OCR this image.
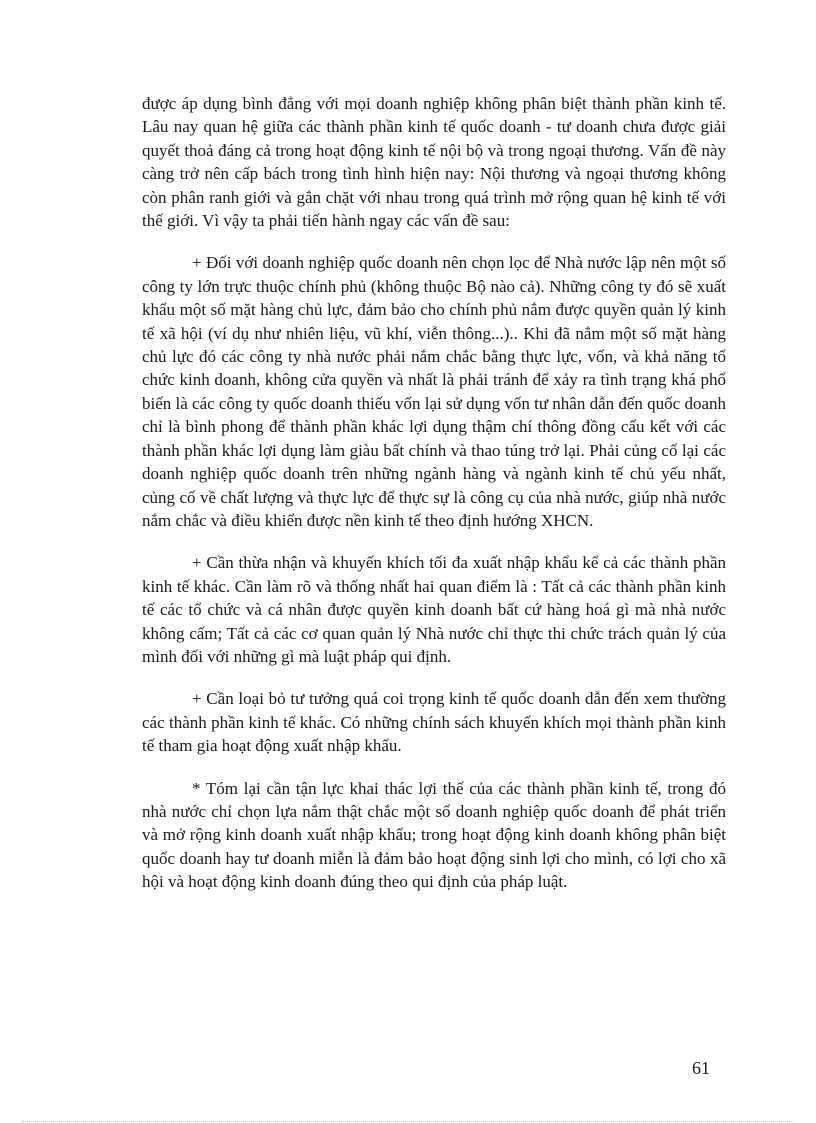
được áp dụng bình đẳng với mọi doanh nghiệp không phân biệt thành phần kinh tế. Lâu nay quan hệ giữa các thành phần kinh tế quốc doanh - tư doanh chưa được giải quyết thoả đáng cả trong hoạt động kinh tế nội bộ và trong ngoại thương. Vấn đề này càng trở nên cấp bách trong tình hình hiện nay: Nội thương và ngoại thương không còn phân ranh giới và gắn chặt với nhau trong quá trình mở rộng quan hệ kinh tế với thế giới. Vì vậy ta phải tiến hành ngay các vấn đề sau:

+ Đối với doanh nghiệp quốc doanh nên chọn lọc để Nhà nước lập nên một số công ty lớn trực thuộc chính phủ (không thuộc Bộ nào cả). Những công ty đó sẽ xuất khẩu một số mặt hàng chủ lực, đảm bảo cho chính phủ nắm được quyền quản lý kinh tế xã hội (ví dụ như nhiên liệu, vũ khí, viễn thông...).. Khi đã nắm một số mặt hàng chủ lực đó các công ty nhà nước phải nắm chắc bằng thực lực, vốn, và khả năng tổ chức kinh doanh, không cửa quyền và nhất là phải tránh để xảy ra tình trạng khá phổ biến là các công ty quốc doanh thiếu vốn lại sử dụng vốn tư nhân dẫn đến quốc doanh chỉ là bình phong để thành phần khác lợi dụng thậm chí thông đồng cấu kết với các thành phần khác lợi dụng làm giàu bất chính và thao túng trở lại. Phải củng cố lại các doanh nghiệp quốc doanh trên những ngành hàng và ngành kinh tế chủ yếu nhất, củng cố về chất lượng và thực lực để thực sự là công cụ của nhà nước, giúp nhà nước nắm chắc và điều khiển được nền kinh tế theo định hướng XHCN.

+ Cần thừa nhận và khuyến khích tối đa xuất nhập khẩu kể cả các thành phần kinh tế khác. Cần làm rõ và thống nhất hai quan điểm là : Tất cả các thành phần kinh tế các tổ chức và cá nhân được quyền kinh doanh bất cứ hàng hoá gì mà nhà nước không cấm; Tất cả các cơ quan quản lý Nhà nước chỉ thực thi chức trách quản lý của mình đối với những gì mà luật pháp qui định.

+ Cần loại bỏ tư tưởng quá coi trọng kinh tế quốc doanh dẫn đến xem thường các thành phần kinh tế khác. Có những chính sách khuyến khích mọi thành phần kinh tế tham gia hoạt động xuất nhập khẩu.

* Tóm lại cần tận lực khai thác lợi thế của các thành phần kinh tế, trong đó nhà nước chỉ chọn lựa nắm thật chắc một số doanh nghiệp quốc doanh để phát triển và mở rộng kinh doanh xuất nhập khẩu; trong hoạt động kinh doanh không phân biệt quốc doanh hay tư doanh miễn là đảm bảo hoạt động sinh lợi cho mình, có lợi cho xã hội và hoạt động kinh doanh đúng theo qui định của pháp luật.

61
